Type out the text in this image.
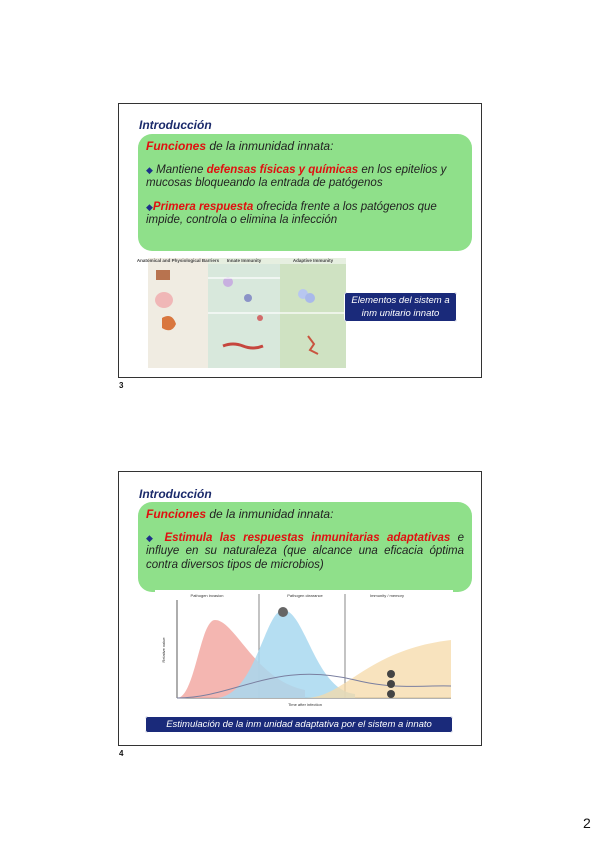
Introducción
Funciones de la inmunidad innata:
◆ Mantiene defensas físicas y químicas en los epitelios y mucosas bloqueando la entrada de patógenos
◆Primera respuesta ofrecida frente a los patógenos que impide, controla o elimina la infección
Anatomical and Physiological Barriers Innate Immunity	Adaptive Immunity
Elementos del sistem a inm unitario innato
3
Introducción
Funciones de la inmunidad innata:
◆ Estimula las respuestas inmunitarias adaptativas e influye en su naturaleza (que alcance una eficacia óptima contra diversos tipos de microbios)
Pathogen invasion	Pathogen clearance	Immunity / memory
Relative value
Time after infection
Estimulación de la inm unidad adaptativa por el sistem a innato
4
2
